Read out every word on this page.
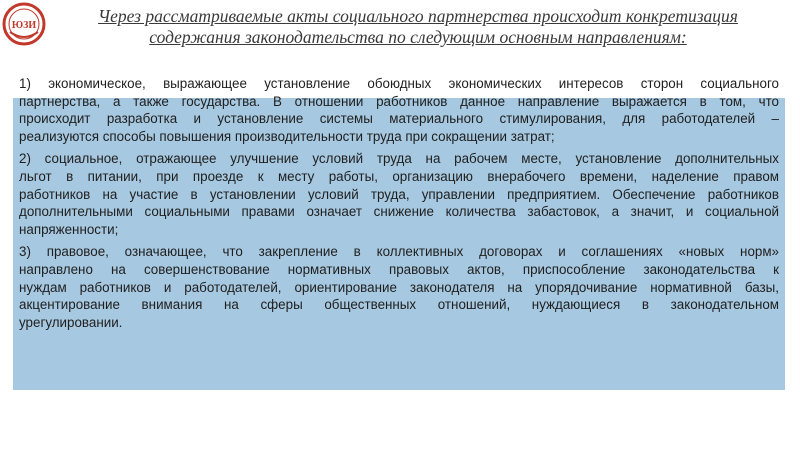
ЮЗИ	Через рассматриваемые акты социального партнерства происходит конкретизация
содержания законодательства по следующим основным направлениям:
1) экономическое, выражающее установление обоюдных экономических интересов сторон социального
партнерства, а также государства. В отношении работников данное направление выражается в том, что
происходит разработка и установление системы материального стимулирования, для работодателей –
реализуются способы повышения производительности труда при сокращении затрат;
2) социальное, отражающее улучшение условий труда на рабочем месте, установление дополнительных
льгот в питании, при проезде к месту работы, организацию внерабочего времени, наделение правом
работников на участие в установлении условий труда, управлении предприятием. Обеспечение работников
дополнительными социальными правами означает снижение количества забастовок, а значит, и социальной
напряженности;
3) правовое, означающее, что закрепление в коллективных договорах и соглашениях «новых норм»
направлено на совершенствование нормативных правовых актов, приспособление законодательства к
нуждам работников и работодателей, ориентирование законодателя на упорядочивание нормативной базы,
акцентирование внимания на сферы общественных отношений, нуждающиеся в законодательном
урегулировании.
